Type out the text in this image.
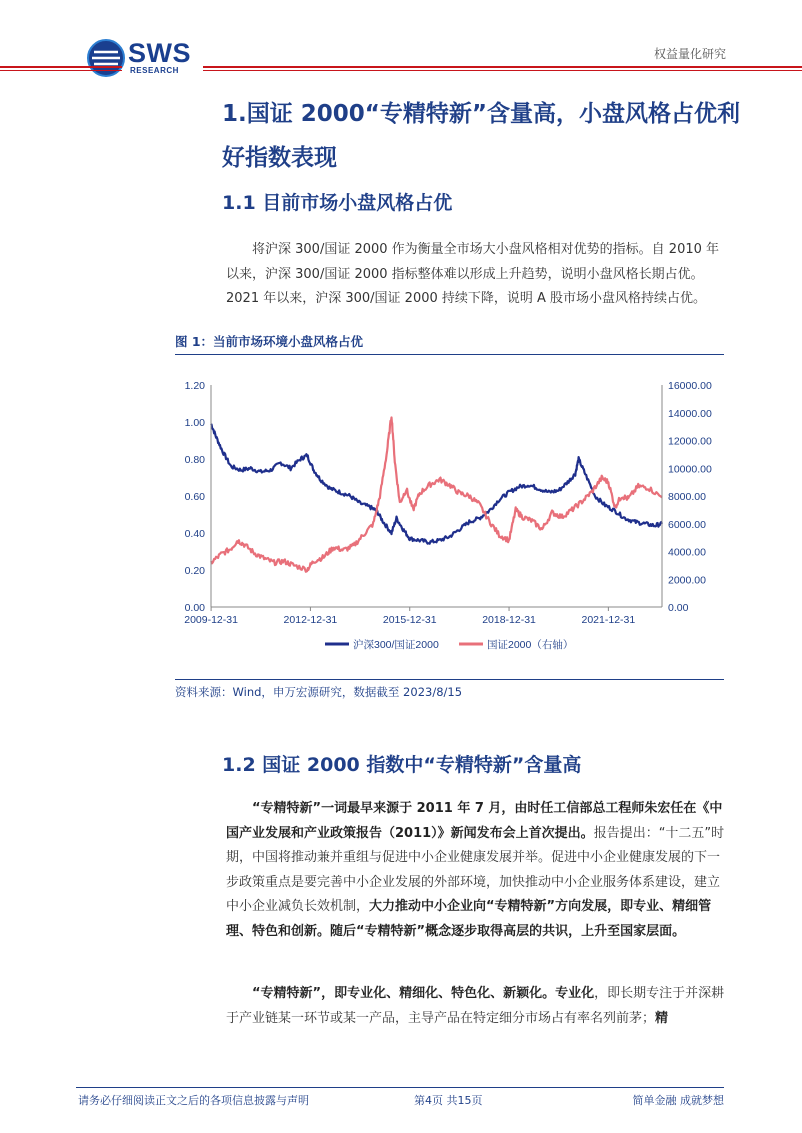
SWS
RESEARCH
权益量化研究
1.国证 2000“专精特新”含量高，小盘风格占优利好指数表现
1.1 目前市场小盘风格占优
将沪深 300/国证 2000 作为衡量全市场大小盘风格相对优势的指标。自 2010 年以来，沪深 300/国证 2000 指标整体难以形成上升趋势，说明小盘风格长期占优。2021 年以来，沪深 300/国证 2000 持续下降，说明 A 股市场小盘风格持续占优。
图 1：当前市场环境小盘风格占优
0.00
0.20
0.40
0.60
0.80
1.00
1.20
0.00
2000.00
4000.00
6000.00
8000.00
10000.00
12000.00
14000.00
16000.00
2009-12-31	2012-12-31	2015-12-31	2018-12-31	2021-12-31
沪深300/国证2000	国证2000（右轴）
资料来源：Wind，申万宏源研究，数据截至 2023/8/15
1.2 国证 2000 指数中“专精特新”含量高
“专精特新”一词最早来源于 2011 年 7 月，由时任工信部总工程师朱宏任在《中国产业发展和产业政策报告（2011）》新闻发布会上首次提出。报告提出：“十二五”时期，中国将推动兼并重组与促进中小企业健康发展并举。促进中小企业健康发展的下一步政策重点是要完善中小企业发展的外部环境，加快推动中小企业服务体系建设，建立中小企业减负长效机制，大力推动中小企业向“专精特新”方向发展，即专业、精细管理、特色和创新。随后“专精特新”概念逐步取得高层的共识，上升至国家层面。
“专精特新”，即专业化、精细化、特色化、新颖化。专业化，即长期专注于并深耕于产业链某一环节或某一产品，主导产品在特定细分市场占有率名列前茅；精
请务必仔细阅读正文之后的各项信息披露与声明	第4页 共15页	简单金融 成就梦想
